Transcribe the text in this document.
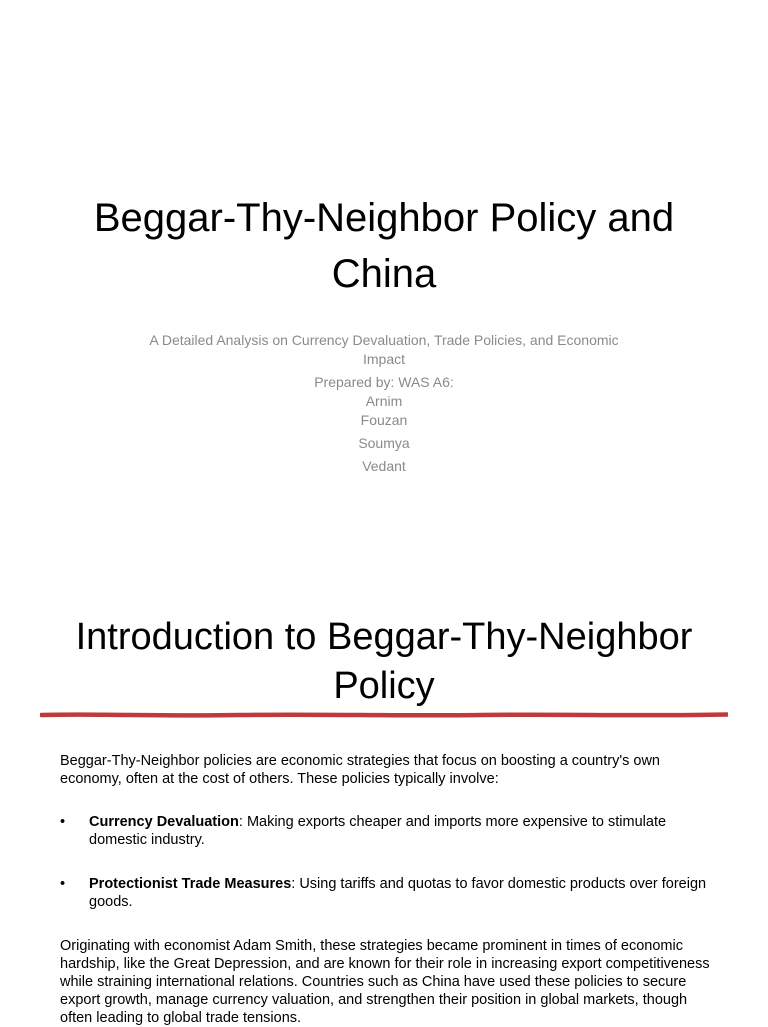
Beggar-Thy-Neighbor Policy and China
A Detailed Analysis on Currency Devaluation, Trade Policies, and Economic
Impact
Prepared by: WAS A6:
Arnim
Fouzan
Soumya
Vedant
Introduction to Beggar-Thy-Neighbor Policy
Beggar-Thy-Neighbor policies are economic strategies that focus on boosting a country's own economy, often at the cost of others. These policies typically involve:
• Currency Devaluation: Making exports cheaper and imports more expensive to stimulate domestic industry.
• Protectionist Trade Measures: Using tariffs and quotas to favor domestic products over foreign goods.
Originating with economist Adam Smith, these strategies became prominent in times of economic hardship, like the Great Depression, and are known for their role in increasing export competitiveness while straining international relations. Countries such as China have used these policies to secure export growth, manage currency valuation, and strengthen their position in global markets, though often leading to global trade tensions.
